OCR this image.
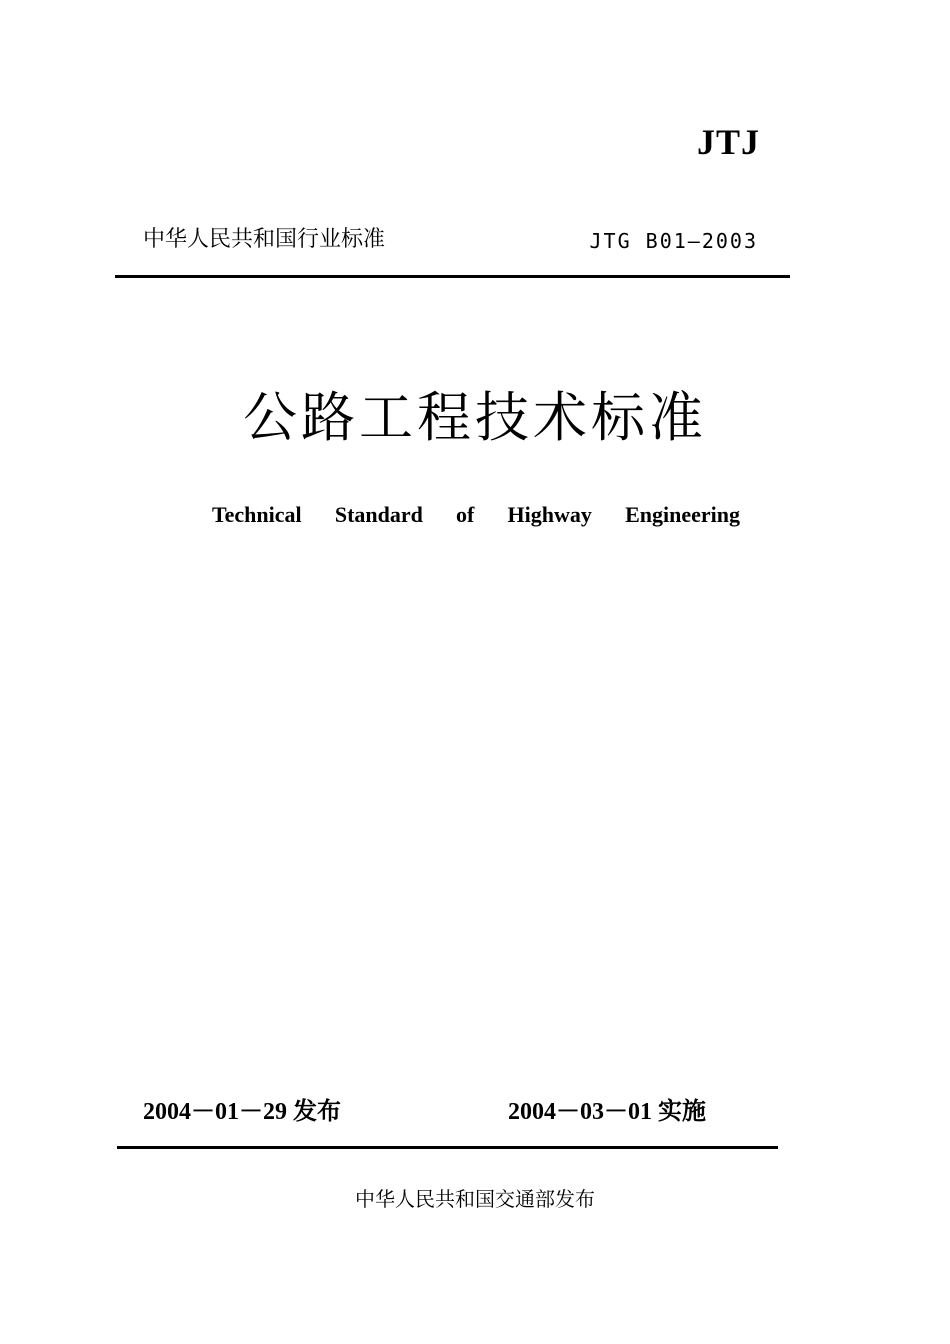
JTJ
中华人民共和国行业标准	JTG B01—2003
公路工程技术标准
Technical Standard of Highway Engineering
2004－01－29 发布	2004－03－01 实施
中华人民共和国交通部发布
